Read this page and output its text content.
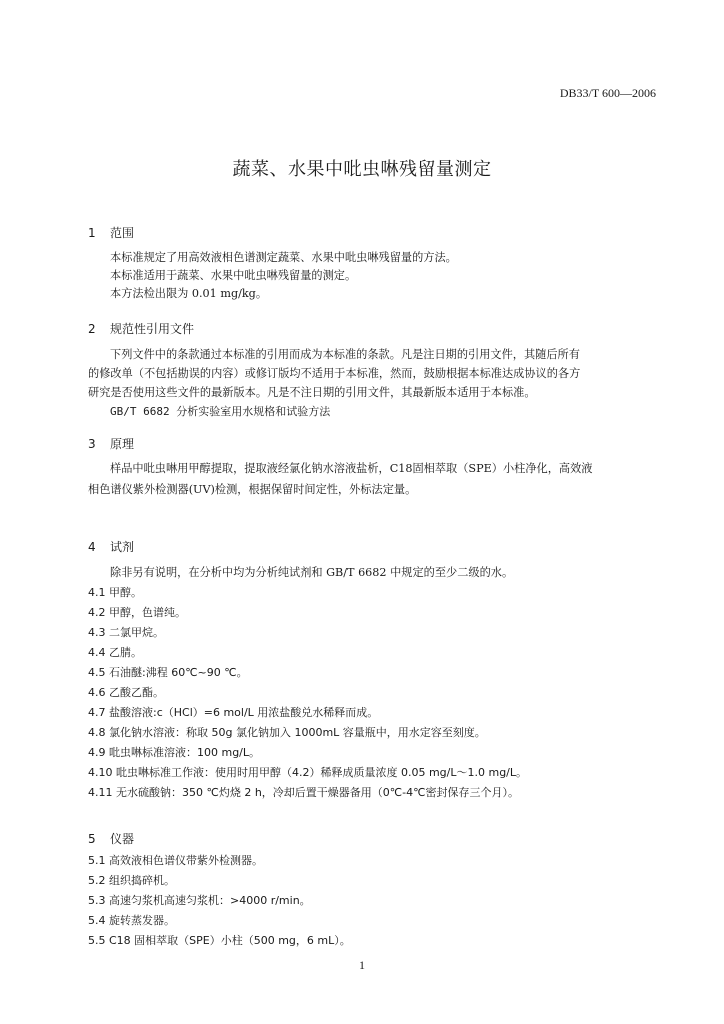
DB33/T 600—2006
蔬菜、水果中吡虫啉残留量测定
1 范围
本标准规定了用高效液相色谱测定蔬菜、水果中吡虫啉残留量的方法。
本标准适用于蔬菜、水果中吡虫啉残留量的测定。
本方法检出限为 0.01 mg/kg。
2 规范性引用文件
下列文件中的条款通过本标准的引用而成为本标准的条款。凡是注日期的引用文件，其随后所有
的修改单（不包括勘误的内容）或修订版均不适用于本标准，然而，鼓励根据本标准达成协议的各方
研究是否使用这些文件的最新版本。凡是不注日期的引用文件，其最新版本适用于本标准。
GB/T 6682 分析实验室用水规格和试验方法
3 原理
样品中吡虫啉用甲醇提取，提取液经氯化钠水溶液盐析，C18固相萃取（SPE）小柱净化，高效液
相色谱仪紫外检测器(UV)检测，根据保留时间定性，外标法定量。
4 试剂
除非另有说明，在分析中均为分析纯试剂和 GB/T 6682 中规定的至少二级的水。
4.1 甲醇。
4.2 甲醇，色谱纯。
4.3 二氯甲烷。
4.4 乙腈。
4.5 石油醚:沸程 60℃~90 ℃。
4.6 乙酸乙酯。
4.7 盐酸溶液:c（HCl）=6 mol/L 用浓盐酸兑水稀释而成。
4.8 氯化钠水溶液：称取 50g 氯化钠加入 1000mL 容量瓶中，用水定容至刻度。
4.9 吡虫啉标准溶液：100 mg/L。
4.10 吡虫啉标准工作液：使用时用甲醇（4.2）稀释成质量浓度 0.05 mg/L～1.0 mg/L。
4.11 无水硫酸钠：350 ℃灼烧 2 h，冷却后置干燥器备用（0℃-4℃密封保存三个月）。
5 仪器
5.1 高效液相色谱仪带紫外检测器。
5.2 组织捣碎机。
5.3 高速匀浆机高速匀浆机：>4000 r/min。
5.4 旋转蒸发器。
5.5 C18 固相萃取（SPE）小柱（500 mg，6 mL）。
1
